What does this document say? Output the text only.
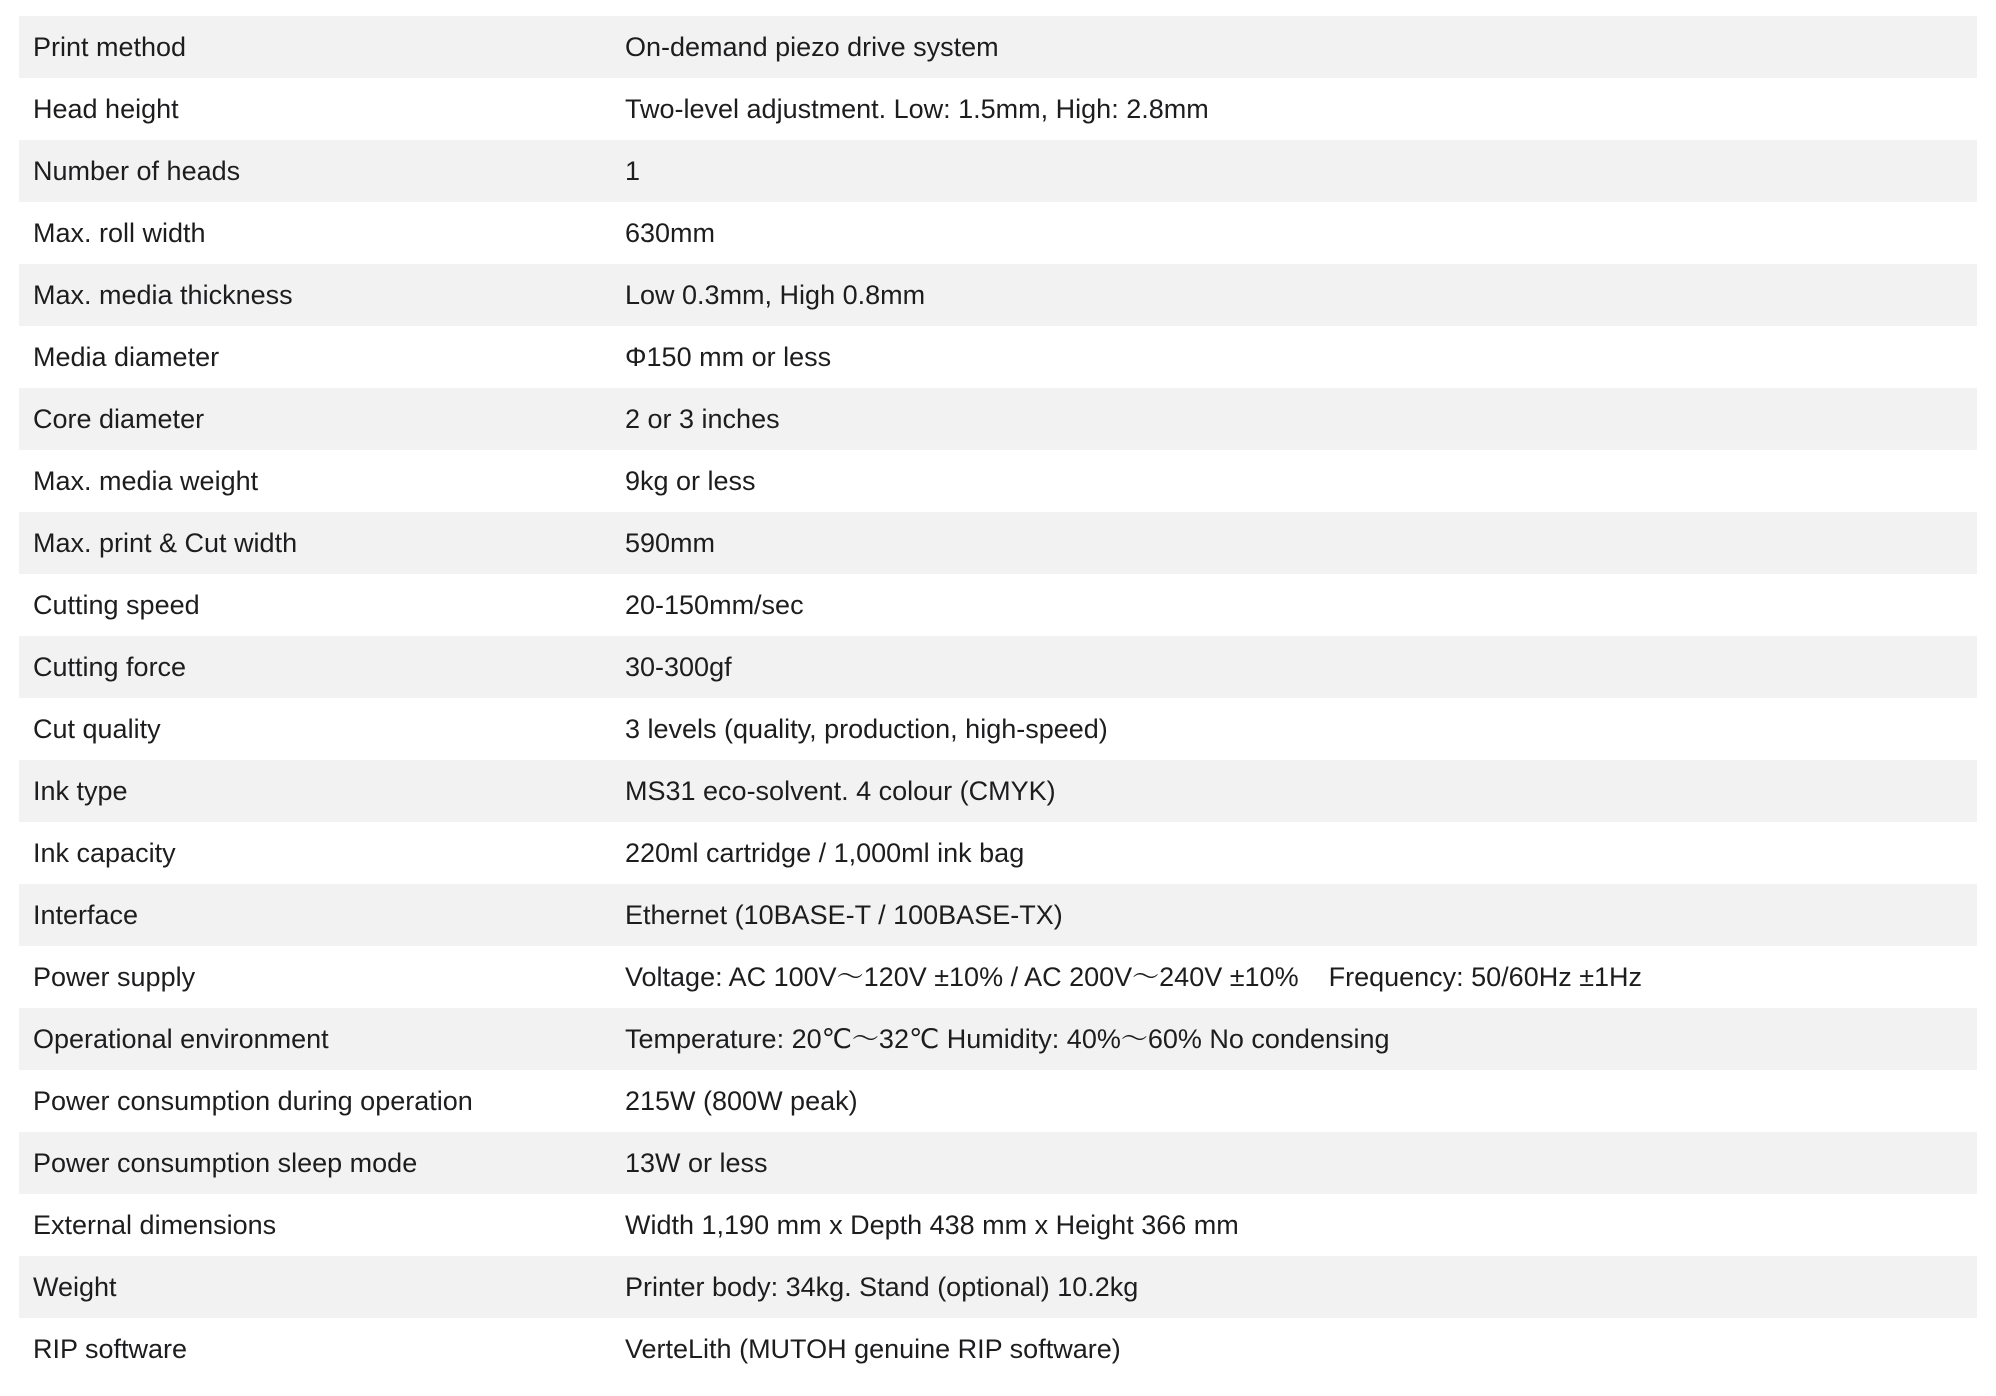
Print method	On-demand piezo drive system
Head height	Two-level adjustment. Low: 1.5mm, High: 2.8mm
Number of heads	1
Max. roll width	630mm
Max. media thickness	Low 0.3mm, High 0.8mm
Media diameter	Φ150 mm or less
Core diameter	2 or 3 inches
Max. media weight	9kg or less
Max. print & Cut width	590mm
Cutting speed	20-150mm/sec
Cutting force	30-300gf
Cut quality	3 levels (quality, production, high-speed)
Ink type	MS31 eco-solvent. 4 colour (CMYK)
Ink capacity	220ml cartridge / 1,000ml ink bag
Interface	Ethernet (10BASE-T / 100BASE-TX)
Power supply	Voltage: AC 100V～120V ±10% / AC 200V～240V ±10%    Frequency: 50/60Hz ±1Hz
Operational environment	Temperature: 20℃～32℃ Humidity: 40%～60% No condensing
Power consumption during operation	215W (800W peak)
Power consumption sleep mode	13W or less
External dimensions	Width 1,190 mm x Depth 438 mm x Height 366 mm
Weight	Printer body: 34kg. Stand (optional) 10.2kg
RIP software	VerteLith (MUTOH genuine RIP software)
